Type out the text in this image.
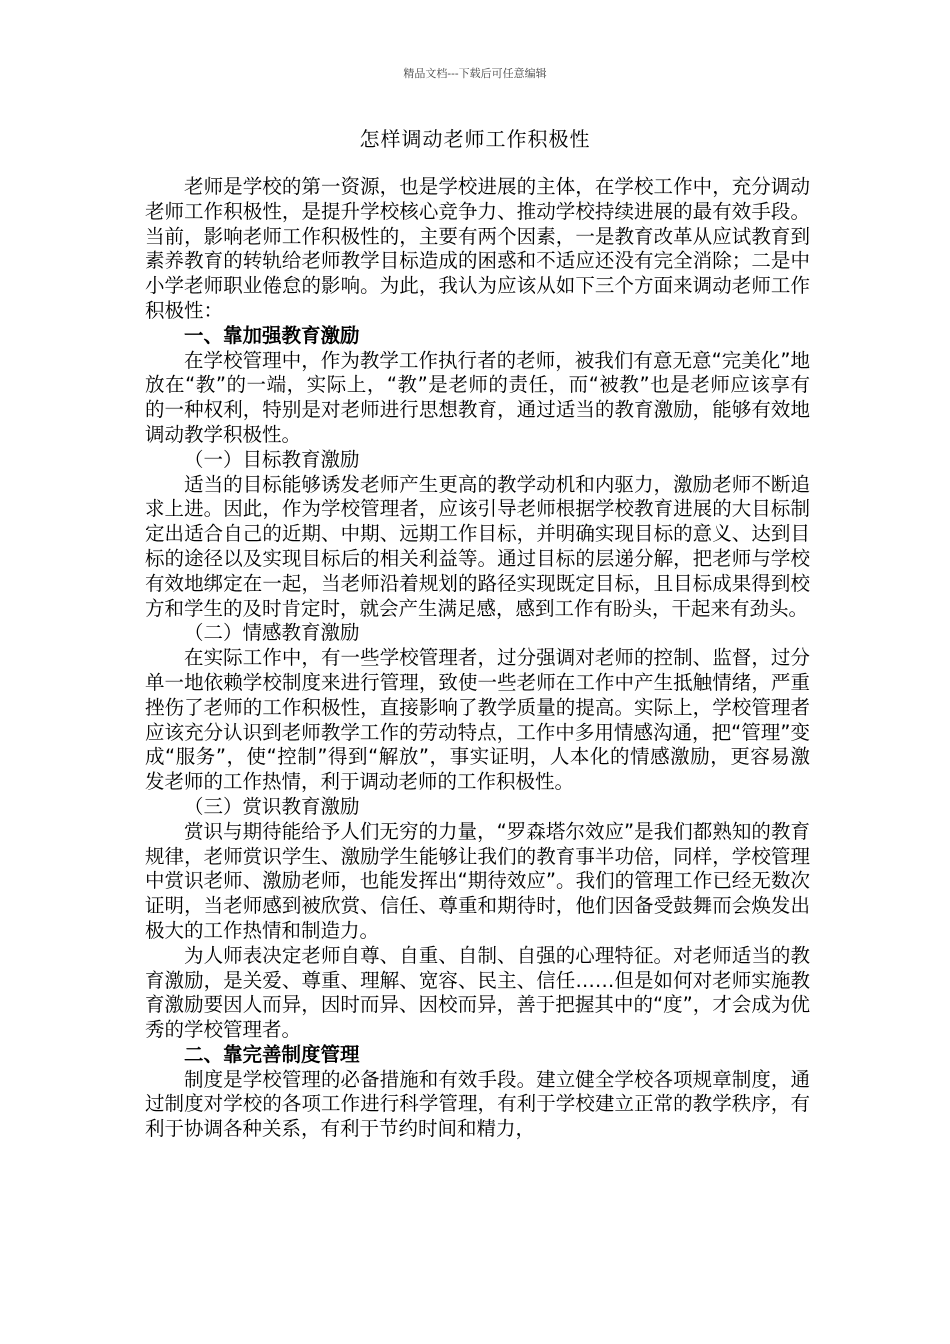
精品文档---下载后可任意编辑
怎样调动老师工作积极性

老师是学校的第一资源，也是学校进展的主体，在学校工作中，充分调动老师工作积极性，是提升学校核心竞争力、推动学校持续进展的最有效手段。当前，影响老师工作积极性的，主要有两个因素，一是教育改革从应试教育到素养教育的转轨给老师教学目标造成的困惑和不适应还没有完全消除；二是中小学老师职业倦怠的影响。为此，我认为应该从如下三个方面来调动老师工作积极性：

一、靠加强教育激励

在学校管理中，作为教学工作执行者的老师，被我们有意无意“完美化”地放在“教”的一端，实际上，“教”是老师的责任，而“被教”也是老师应该享有的一种权利，特别是对老师进行思想教育，通过适当的教育激励，能够有效地调动教学积极性。

（一）目标教育激励

适当的目标能够诱发老师产生更高的教学动机和内驱力，激励老师不断追求上进。因此，作为学校管理者，应该引导老师根据学校教育进展的大目标制定出适合自己的近期、中期、远期工作目标，并明确实现目标的意义、达到目标的途径以及实现目标后的相关利益等。通过目标的层递分解，把老师与学校有效地绑定在一起，当老师沿着规划的路径实现既定目标，且目标成果得到校方和学生的及时肯定时，就会产生满足感，感到工作有盼头，干起来有劲头。

（二）情感教育激励

在实际工作中，有一些学校管理者，过分强调对老师的控制、监督，过分单一地依赖学校制度来进行管理，致使一些老师在工作中产生抵触情绪，严重挫伤了老师的工作积极性，直接影响了教学质量的提高。实际上，学校管理者应该充分认识到老师教学工作的劳动特点，工作中多用情感沟通，把“管理”变成“服务”，使“控制”得到“解放”，事实证明，人本化的情感激励，更容易激发老师的工作热情，利于调动老师的工作积极性。

（三）赏识教育激励

赏识与期待能给予人们无穷的力量，“罗森塔尔效应”是我们都熟知的教育规律，老师赏识学生、激励学生能够让我们的教育事半功倍，同样，学校管理中赏识老师、激励老师，也能发挥出“期待效应”。我们的管理工作已经无数次证明，当老师感到被欣赏、信任、尊重和期待时，他们因备受鼓舞而会焕发出极大的工作热情和制造力。

为人师表决定老师自尊、自重、自制、自强的心理特征。对老师适当的教育激励，是关爱、尊重、理解、宽容、民主、信任……但是如何对老师实施教育激励要因人而异，因时而异、因校而异，善于把握其中的“度”，才会成为优秀的学校管理者。

二、靠完善制度管理

制度是学校管理的必备措施和有效手段。建立健全学校各项规章制度，通过制度对学校的各项工作进行科学管理，有利于学校建立正常的教学秩序，有利于协调各种关系，有利于节约时间和精力，
